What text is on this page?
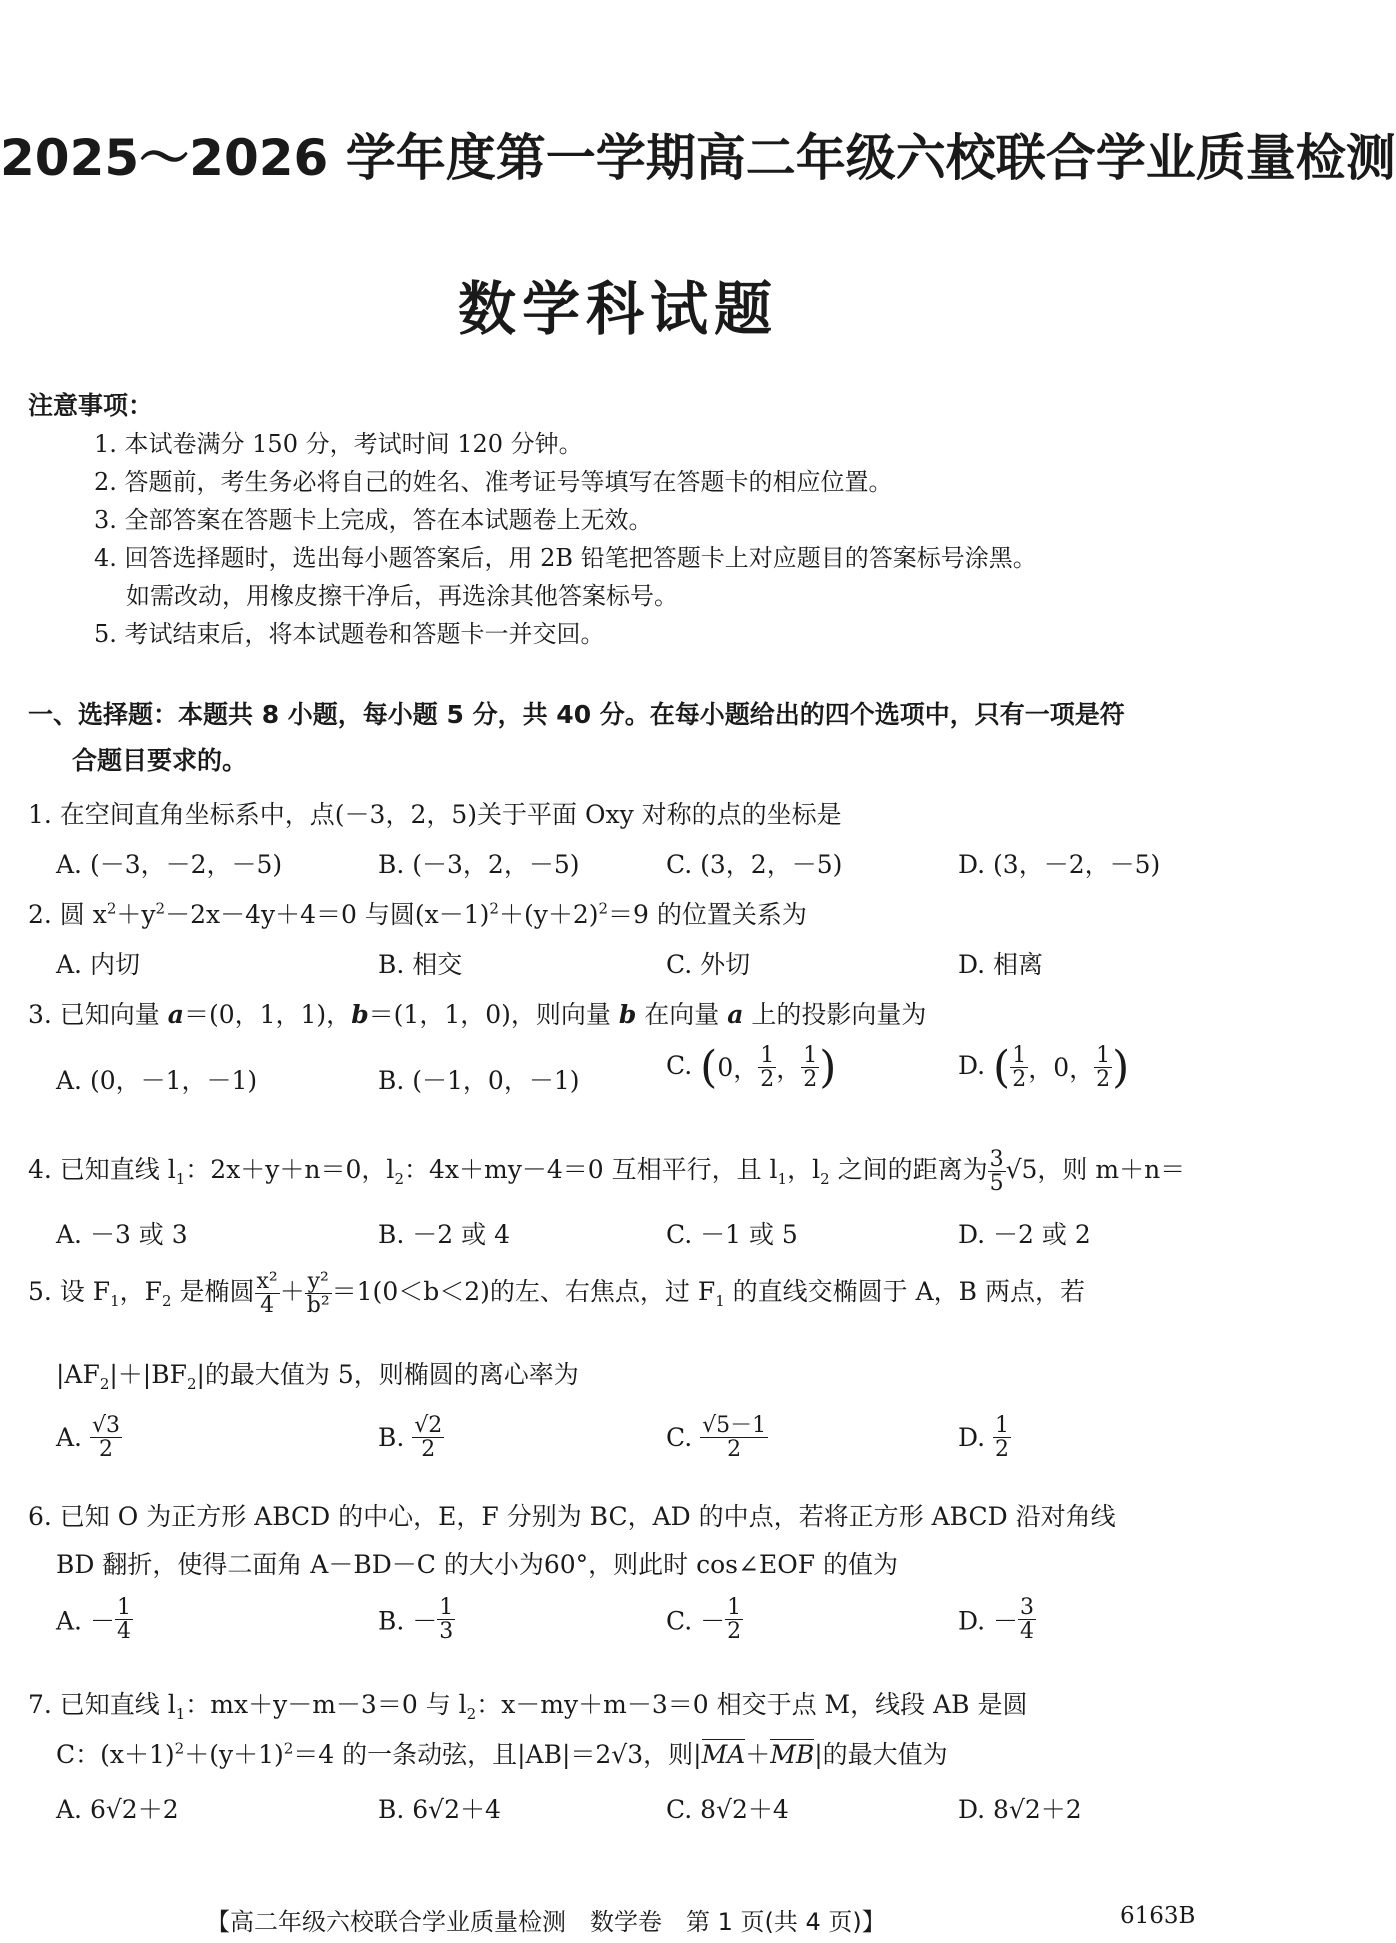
2025～2026 学年度第一学期高二年级六校联合学业质量检测
数学科试题
注意事项：
1. 本试卷满分 150 分，考试时间 120 分钟。
2. 答题前，考生务必将自己的姓名、准考证号等填写在答题卡的相应位置。
3. 全部答案在答题卡上完成，答在本试题卷上无效。
4. 回答选择题时，选出每小题答案后，用 2B 铅笔把答题卡上对应题目的答案标号涂黑。
如需改动，用橡皮擦干净后，再选涂其他答案标号。
5. 考试结束后，将本试题卷和答题卡一并交回。
一、选择题：本题共 8 小题，每小题 5 分，共 40 分。在每小题给出的四个选项中，只有一项是符
合题目要求的。
1. 在空间直角坐标系中，点(－3，2，5)关于平面 Oxy 对称的点的坐标是
A. (－3，－2，－5)	B. (－3，2，－5)	C. (3，2，－5)	D. (3，－2，－5)
2. 圆 $x^2+y^2-2x-4y+4=0$ 与圆$(x-1)^2+(y+2)^2=9$ 的位置关系为
A. 内切	B. 相交	C. 外切	D. 相离
3. 已知向量 a＝(0，1，1)，b＝(1，1，0)，则向量 b 在向量 a 上的投影向量为
A. (0，－1，－1)	B. (－1，0，－1)
C. (0， $\frac{1}{2}$ ， $\frac{1}{2}$ )	D. ( $\frac{1}{2}$ ，0， $\frac{1}{2}$ )
4. 已知直线 $l_1$：2x＋y＋n＝0，$l_2$：4x＋my－4＝0 互相平行，且 $l_1$，$l_2$ 之间的距离为 $\frac{3}{5} √5$，则 m＋n＝
A. －3 或 3	B. －2 或 4	C. －1 或 5	D. －2 或 2
5. 设 $F_1$，$F_2$ 是椭圆 $\frac{\text{x²}}{4} + \frac{\text{y²}}{\text{b²}} =1(0<b<2)$的左、右焦点，过 $F_1$ 的直线交椭圆于 A，B 两点，若
$|AF_2|+|BF_2|$的最大值为 5，则椭圆的离心率为
A. $\frac{√3}{2}$	B. $\frac{√2}{2}$	C. $\frac{√5-1}{2}$	D. $\frac{1}{2}$
6. 已知 O 为正方形 ABCD 的中心，E，F 分别为 BC，AD 的中点，若将正方形 ABCD 沿对角线
BD 翻折，使得二面角 A－BD－C 的大小为60°，则此时 cos∠EOF 的值为
A. － $\frac{1}{4}$	B. － $\frac{1}{3}$	C. － $\frac{1}{2}$	D. － $\frac{3}{4}$
7. 已知直线 $l_1$：mx＋y－m－3＝0 与 $l_2$：x－my＋m－3＝0 相交于点 M，线段 AB 是圆
C：$(x+1)^2+(y+1)^2=4$ 的一条动弦，且|AB|＝2√3，则|MA＋MB|的最大值为
A. 6√2＋2	B. 6√2＋4	C. 8√2＋4	D. 8√2＋2
【高二年级六校联合学业质量检测　数学卷　第 1 页(共 4 页)】	6163B
